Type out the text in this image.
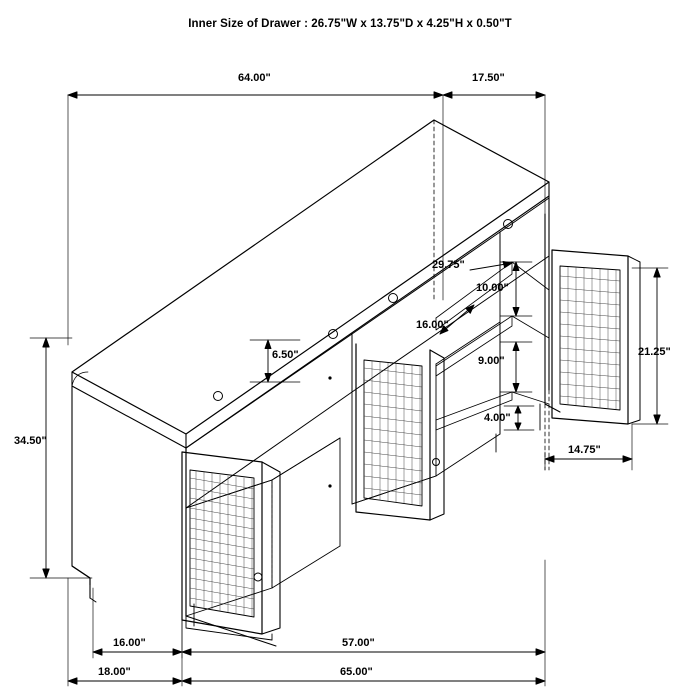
Inner Size of Drawer : 26.75"W x 13.75"D x 4.25"H x 0.50"T
64.00"	17.50"
6.50"
29.75"
10.00"
16.00"
9.00"
4.00"
21.25"
34.50"
14.75"
16.00"	57.00"
18.00"	65.00"
